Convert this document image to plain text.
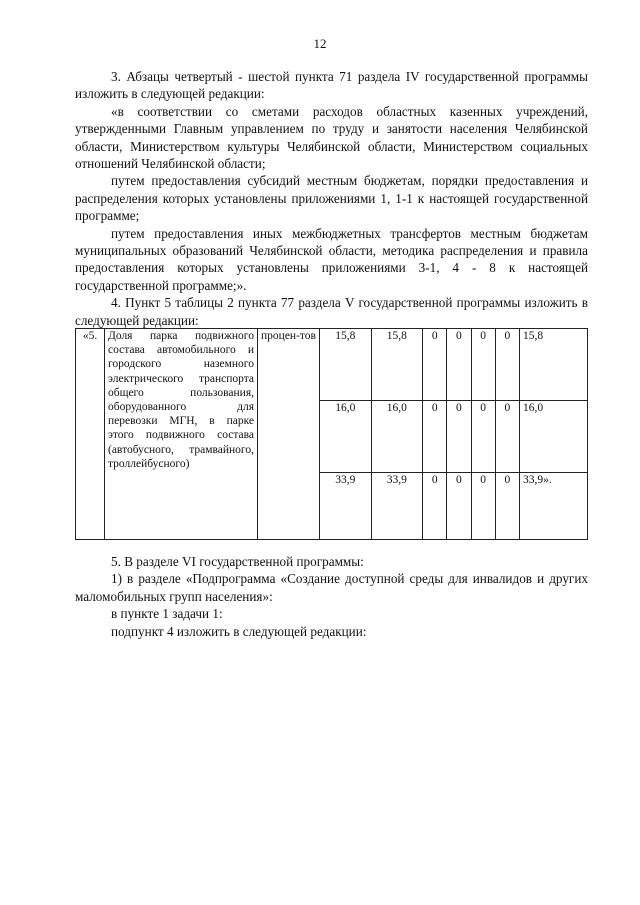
12

3. Абзацы четвертый - шестой пункта 71 раздела IV государственной программы изложить в следующей редакции:

«в соответствии со сметами расходов областных казенных учреждений, утвержденными Главным управлением по труду и занятости населения Челябинской области, Министерством культуры Челябинской области, Министерством социальных отношений Челябинской области;

путем предоставления субсидий местным бюджетам, порядки предоставления и распределения которых установлены приложениями 1, 1-1 к настоящей государственной программе;

путем предоставления иных межбюджетных трансфертов местным бюджетам муниципальных образований Челябинской области, методика распределения и правила предоставления которых установлены приложениями 3-1, 4 - 8 к настоящей государственной программе;».

4. Пункт 5 таблицы 2 пункта 77 раздела V государственной программы изложить в следующей редакции:

«5.	Доля парка подвижного состава автомобильного и городского наземного электрического транспорта общего пользования, оборудованного для перевозки МГН, в парке этого подвижного состава (автобусного, трамвайного, троллейбусного)	процен-тов	15,8	15,8	0	0	0	0	15,8
			16,0	16,0	0	0	0	0	16,0
			33,9	33,9	0	0	0	0	33,9».

5. В разделе VI государственной программы:

1) в разделе «Подпрограмма «Создание доступной среды для инвалидов и других маломобильных групп населения»:

в пункте 1 задачи 1:

подпункт 4 изложить в следующей редакции:
